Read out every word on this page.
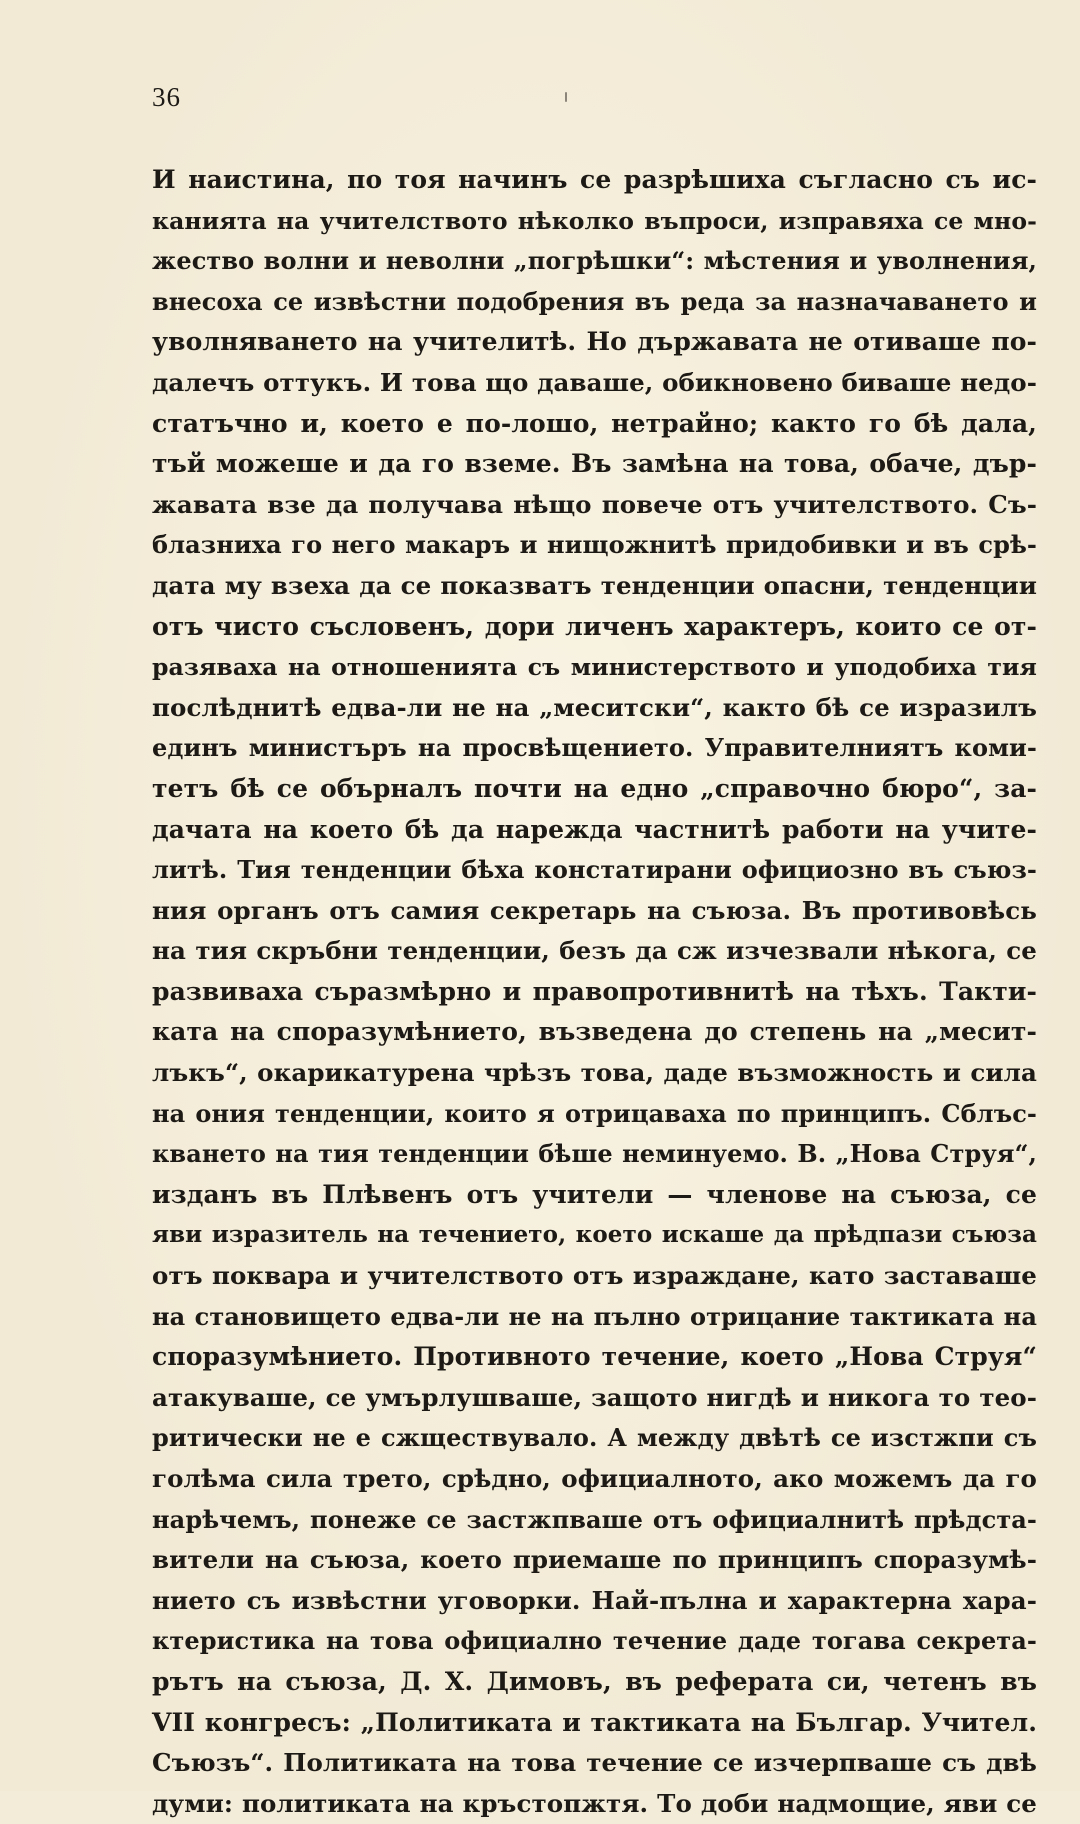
36
И наистина, по тоя начинъ се разрѣшиха съгласно съ ис-
канията на учителството нѣколко въпроси, изправяха се мно-
жество волни и неволни „погрѣшки“: мѣстения и уволнения,
внесоха се извѣстни подобрения въ реда за назначаването и
уволняването на учителитѣ. Но държавата не отиваше по-
далечъ оттукъ. И това що даваше, обикновено биваше недо-
статъчно и, което е по-лошо, нетрайно; както го бѣ дала,
тъй можеше и да го вземе. Въ замѣна на това, обаче, дър-
жавата взе да получава нѣщо повече отъ учителството. Съ-
блазниха го него макаръ и нищожнитѣ придобивки и въ срѣ-
дата му взеха да се показватъ тенденции опасни, тенденции
отъ чисто съсловенъ, дори личенъ характеръ, които се от-
разяваха на отношенията съ министерството и уподобиха тия
послѣднитѣ едва-ли не на „меситски“, както бѣ се изразилъ
единъ министъръ на просвѣщението. Управителниятъ коми-
тетъ бѣ се обърналъ почти на едно „справочно бюро“, за-
дачата на което бѣ да нарежда частнитѣ работи на учите-
литѣ. Тия тенденции бѣха констатирани официозно въ съюз-
ния органъ отъ самия секретарь на съюза. Въ противовѣсь
на тия скръбни тенденции, безъ да сж изчезвали нѣкога, се
развиваха съразмѣрно и правопротивнитѣ на тѣхъ. Такти-
ката на споразумѣнието, възведена до степень на „месит-
лъкъ“, окарикатурена чрѣзъ това, даде възможность и сила
на ония тенденции, които я отрицаваха по принципъ. Сблъс-
кването на тия тенденции бѣше неминуемо. В. „Нова Струя“,
изданъ въ Плѣвенъ отъ учители — членове на съюза, се
яви изразитель на течението, което искаше да прѣдпази съюза
отъ поквара и учителството отъ израждане, като заставаше
на становището едва-ли не на пълно отрицание тактиката на
споразумѣнието. Противното течение, което „Нова Струя“
атакуваше, се умърлушваше, защото нигдѣ и никога то тео-
ритически не е сжществувало. А между двѣтѣ се изстжпи съ
голѣма сила трето, срѣдно, официалното, ако можемъ да го
нарѣчемъ, понеже се застжпваше отъ официалнитѣ прѣдста-
вители на съюза, което приемаше по принципъ споразумѣ-
нието съ извѣстни уговорки. Най-пълна и характерна хара-
ктеристика на това официално течение даде тогава секрета-
рътъ на съюза, Д. Х. Димовъ, въ реферата си, четенъ въ
VII конгресъ: „Политиката и тактиката на Българ. Учител.
Съюзъ“. Политиката на това течение се изчерпваше съ двѣ
думи: политиката на кръстопжтя. То доби надмощие, яви се
